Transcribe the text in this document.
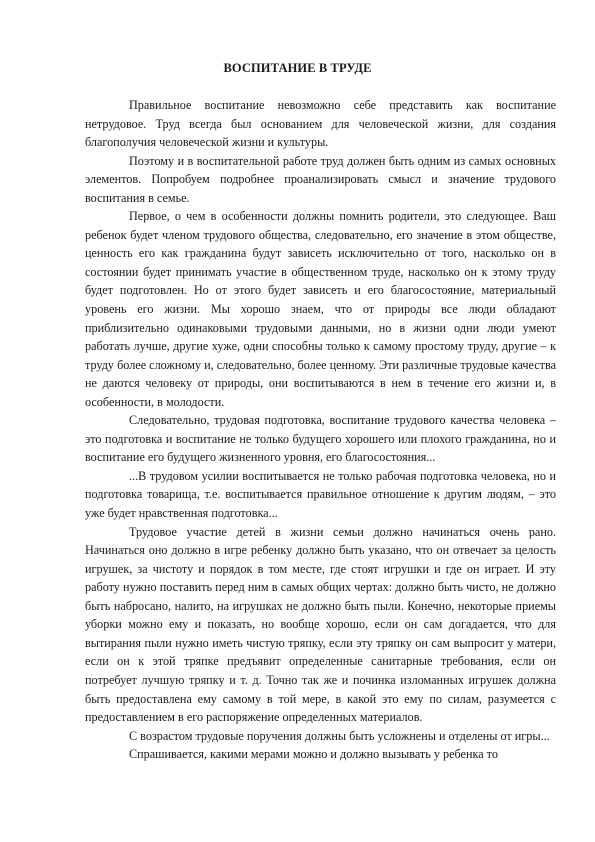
ВОСПИТАНИЕ В ТРУДЕ

Правильное воспитание невозможно себе представить как воспитание нетрудовое. Труд всегда был основанием для человеческой жизни, для создания благополучия человеческой жизни и культуры.

Поэтому и в воспитательной работе труд должен быть одним из самых основных элементов. Попробуем подробнее проанализировать смысл и значение трудового воспитания в семье.

Первое, о чем в особенности должны помнить родители, это следующее. Ваш ребенок будет членом трудового общества, следовательно, его значение в этом обществе, ценность его как гражданина будут зависеть исключительно от того, насколько он в состоянии будет принимать участие в общественном труде, насколько он к этому труду будет подготовлен. Но от этого будет зависеть и его благосостояние, материальный уровень его жизни. Мы хорошо знаем, что от природы все люди обладают приблизительно одинаковыми трудовыми данными, но в жизни одни люди умеют работать лучше, другие хуже, одни способны только к самому простому труду, другие – к труду более сложному и, следовательно, более ценному. Эти различные трудовые качества не даются человеку от природы, они воспитываются в нем в течение его жизни и, в особенности, в молодости.

Следовательно, трудовая подготовка, воспитание трудового качества человека – это подготовка и воспитание не только будущего хорошего или плохого гражданина, но и воспитание его будущего жизненного уровня, его благосостояния...

...В трудовом усилии воспитывается не только рабочая подготовка человека, но и подготовка товарища, т.е. воспитывается правильное отношение к другим людям, – это уже будет нравственная подготовка...

Трудовое участие детей в жизни семьи должно начинаться очень рано. Начинаться оно должно в игре ребенку должно быть указано, что он отвечает за целость игрушек, за чистоту и порядок в том месте, где стоят игрушки и где он играет. И эту работу нужно поставить перед ним в самых общих чертах: должно быть чисто, не должно быть набросано, налито, на игрушках не должно быть пыли. Конечно, некоторые приемы уборки можно ему и показать, но вообще хорошо, если он сам догадается, что для вытирания пыли нужно иметь чистую тряпку, если эту тряпку он сам выпросит у матери, если он к этой тряпке предъявит определенные санитарные требования, если он потребует лучшую тряпку и т. д. Точно так же и починка изломанных игрушек должна быть предоставлена ему самому в той мере, в какой это ему по силам, разумеется с предоставлением в его распоряжение определенных материалов.

С возрастом трудовые поручения должны быть усложнены и отделены от игры...

Спрашивается, какими мерами можно и должно вызывать у ребенка то
